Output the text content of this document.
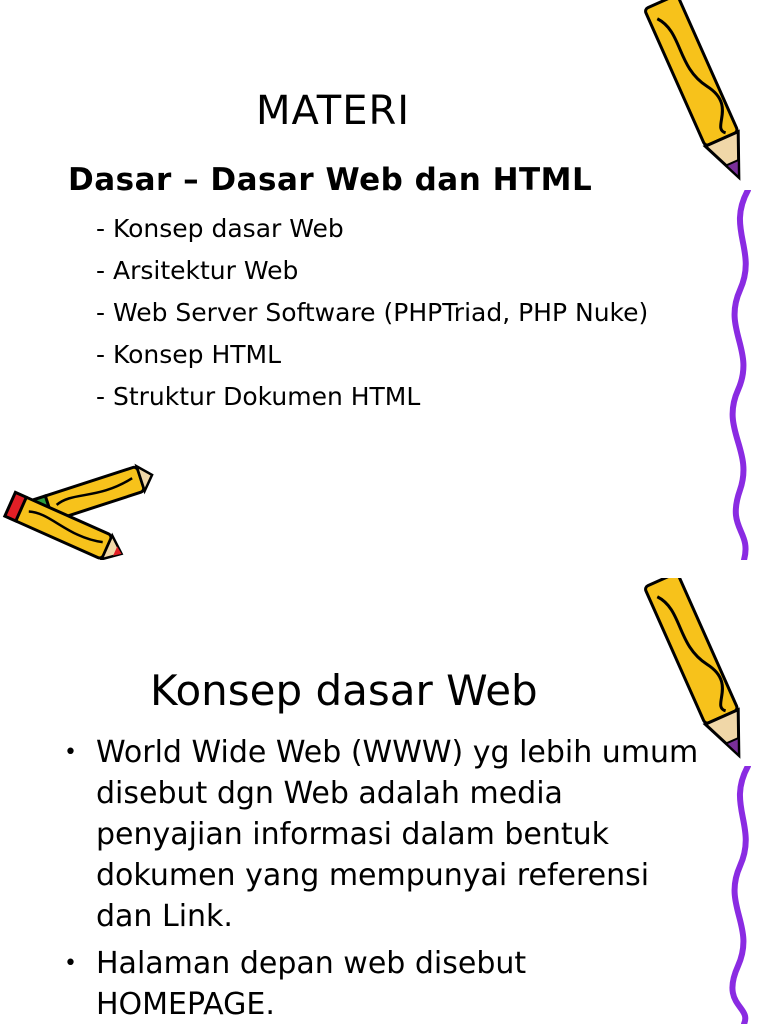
MATERI
Dasar – Dasar Web dan HTML
- Konsep dasar Web
- Arsitektur Web
- Web Server Software (PHPTriad, PHP Nuke)
- Konsep HTML
- Struktur Dokumen HTML
Konsep dasar Web
• World Wide Web (WWW) yg lebih umum disebut dgn Web adalah media penyajian informasi dalam bentuk dokumen yang mempunyai referensi dan Link.
• Halaman depan web disebut HOMEPAGE.
